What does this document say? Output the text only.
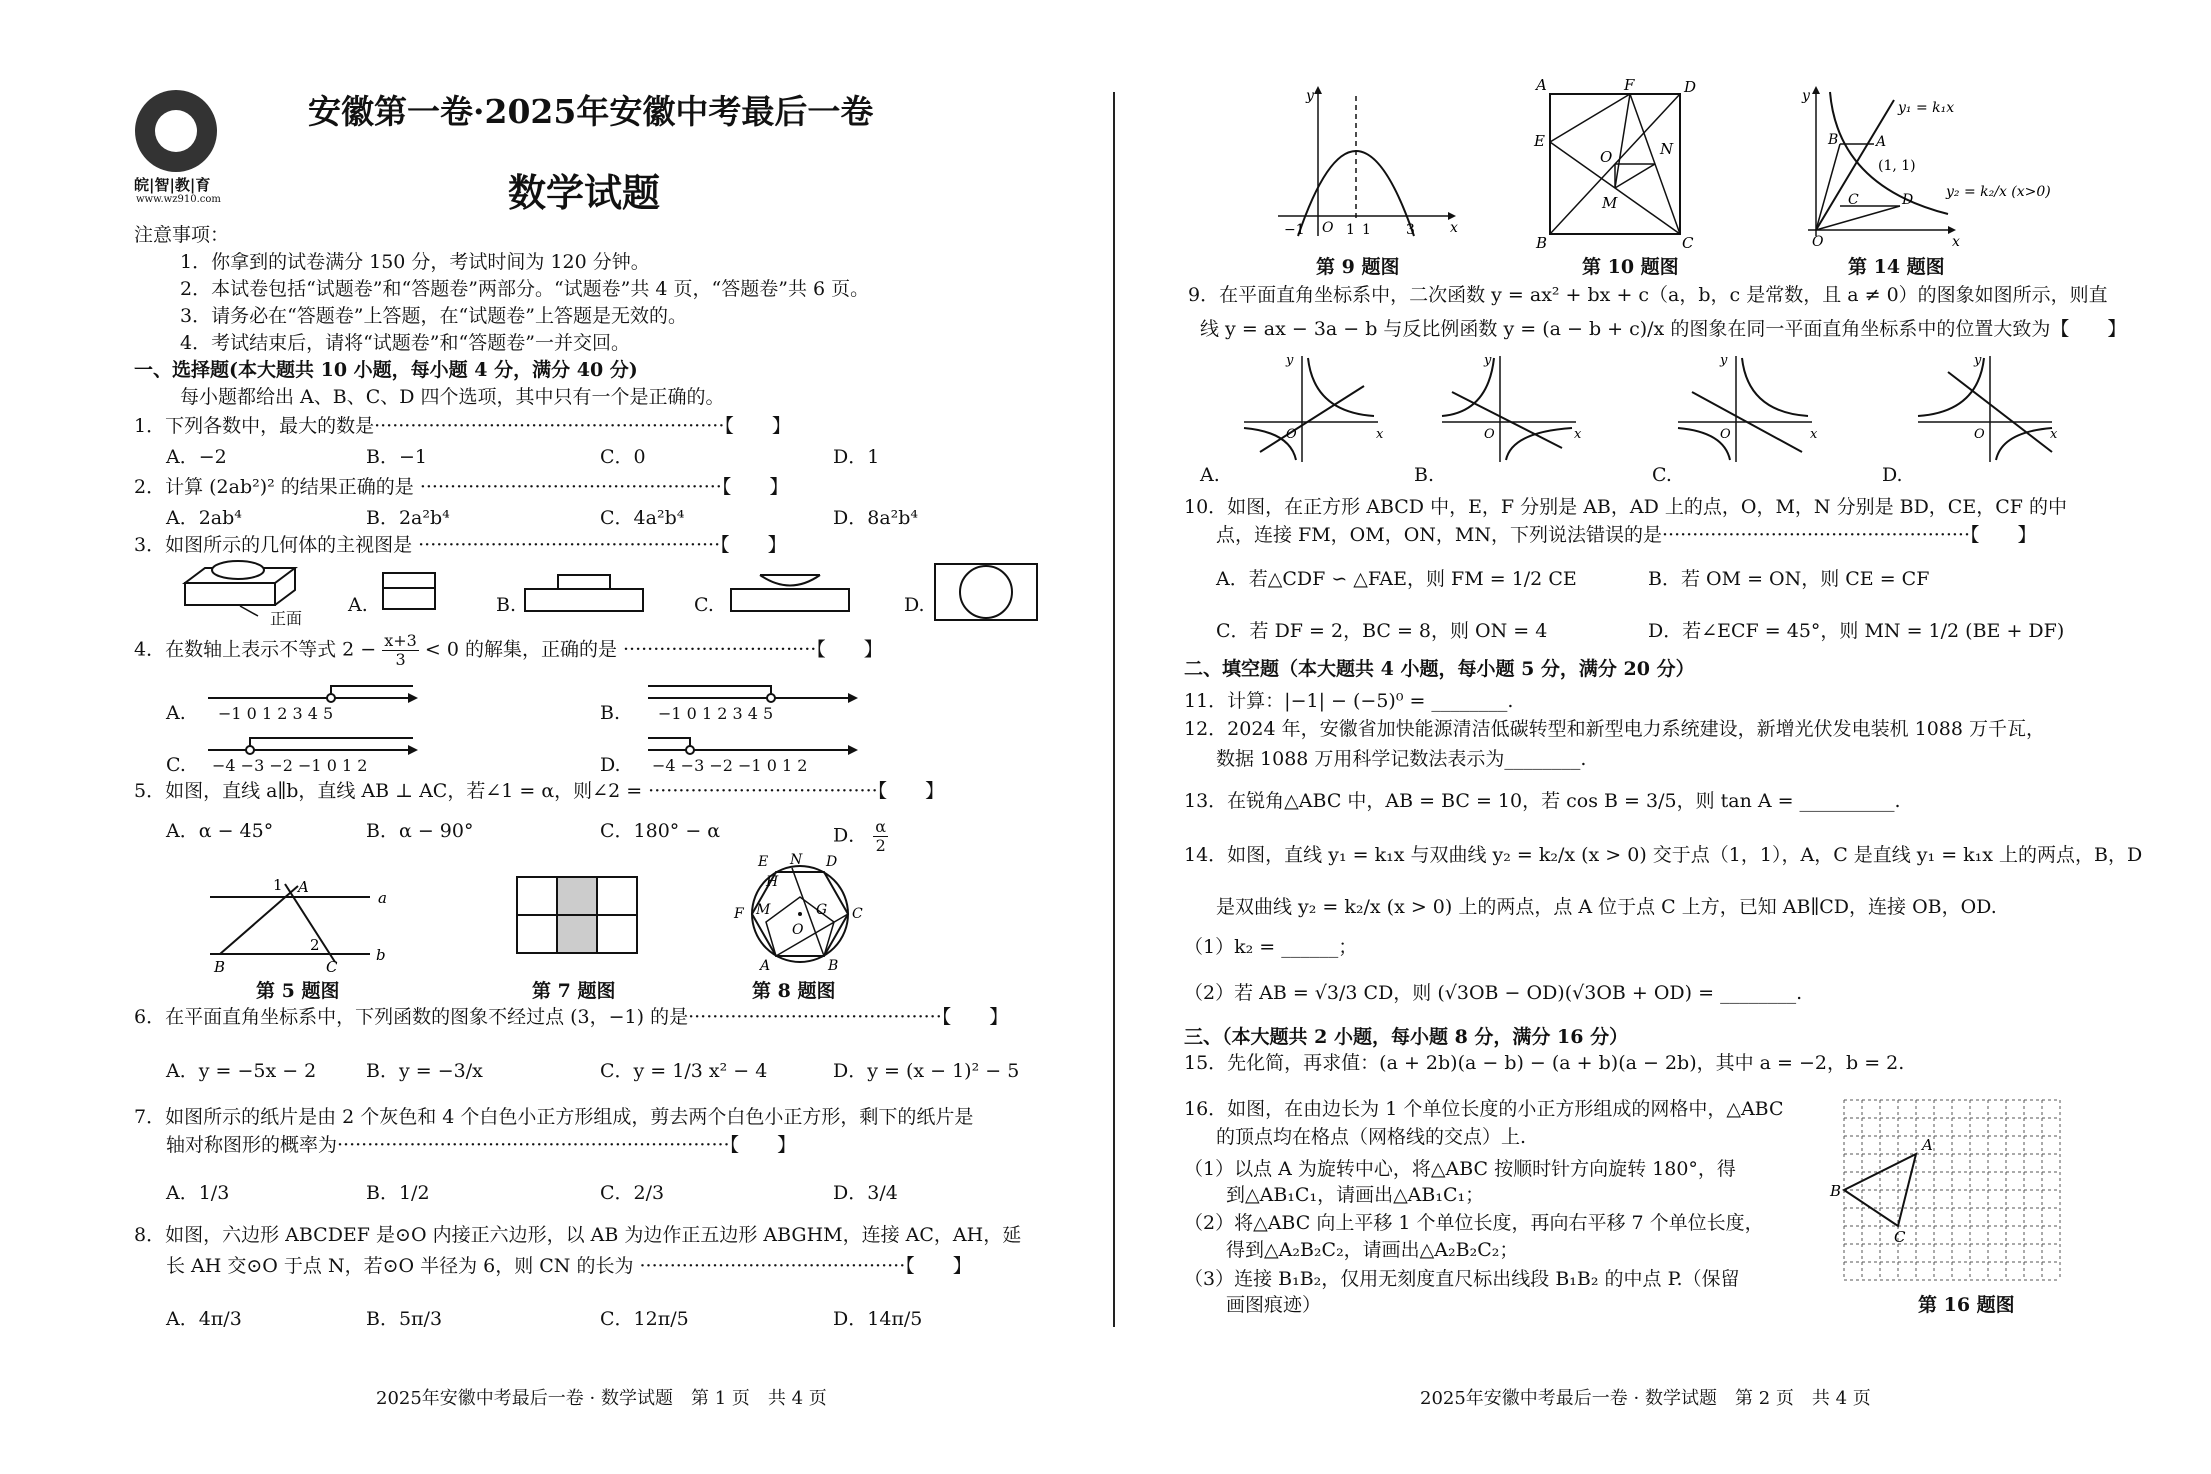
皖|智|教|育
www.wz910.com
安徽第一卷·2025年安徽中考最后一卷
数学试题
注意事项：
1．你拿到的试卷满分 150 分，考试时间为 120 分钟。
2．本试卷包括“试题卷”和“答题卷”两部分。“试题卷”共 4 页，“答题卷”共 6 页。
3．请务必在“答题卷”上答题，在“试题卷”上答题是无效的。
4．考试结束后，请将“试题卷”和“答题卷”一并交回。
一、选择题(本大题共 10 小题，每小题 4 分，满分 40 分)
每小题都给出 A、B、C、D 四个选项，其中只有一个是正确的。
1．下列各数中，最大的数是··························································【　　】
A．−2	B．−1	C．0	D．1
2．计算 (2ab²)² 的结果正确的是 ··················································【　　】
A．2ab⁴	B．2a²b⁴	C．4a²b⁴	D．8a²b⁴
3．如图所示的几何体的主视图是 ··················································【　　】
正面
A.	B.	C.	D.
4．在数轴上表示不等式 $2 - \frac{x+3}{3} < 0$ 的解集，正确的是 ································【　　】
A. −1 0 1 2 3 4 5	B. −1 0 1 2 3 4 5
C. −4 −3 −2 −1 0 1 2	D. −4 −3 −2 −1 0 1 2
5．如图，直线 a∥b，直线 AB ⊥ AC，若∠1 = α，则∠2 = ······································【　　】
A．α − 45°	B．α − 90°	C．180° − α	D． $\frac{\alpha}{2}$
1 A
a
2
b
B	C
第 5 题图	第 7 题图
E N D
H
F M	G C
O
A	B
第 8 题图
6．在平面直角坐标系中，下列函数的图象不经过点 (3，−1) 的是··········································【　　】
A．y = −5x − 2	B．y = −3/x	C．y = 1/3 x² − 4	D．y = (x − 1)² − 5
7．如图所示的纸片是由 2 个灰色和 4 个白色小正方形组成，剪去两个白色小正方形，剩下的纸片是
轴对称图形的概率为·································································【　　】
A．1/3	B．1/2	C．2/3	D．3/4
8．如图，六边形 ABCDEF 是⊙O 内接正六边形，以 AB 为边作正五边形 ABGHM，连接 AC，AH，延
长 AH 交⊙O 于点 N，若⊙O 半径为 6，则 CN 的长为 ············································【　　】
A．4π/3	B．5π/3	C．12π/5	D．14π/5
2025年安徽中考最后一卷 · 数学试题　第 1 页　共 4 页
y
−1 O 1 1	3	x
第 9 题图
A	F	D
E
O	N
M
B	C
第 10 题图
y
y₁ = k₁x
B	A
(1, 1)
y₂ = k₂/x (x>0)
C	D
O	x
第 14 题图
9．在平面直角坐标系中，二次函数 y = ax² + bx + c（a，b，c 是常数，且 a ≠ 0）的图象如图所示，则直
线 y = ax − 3a − b 与反比例函数 y = (a − b + c)/x 的图象在同一平面直角坐标系中的位置大致为【　　】
y
O	x
A.
y
O	x
B.
y
O	x
C.
y
O	x
D.
10．如图，在正方形 ABCD 中，E，F 分别是 AB，AD 上的点，O，M，N 分别是 BD，CE，CF 的中
点，连接 FM，OM，ON，MN，下列说法错误的是···················································【　　】
A．若△CDF ∽ △FAE，则 FM = 1/2 CE	B．若 OM = ON，则 CE = CF
C．若 DF = 2，BC = 8，则 ON = 4	D．若∠ECF = 45°，则 MN = 1/2 (BE + DF)
二、填空题（本大题共 4 小题，每小题 5 分，满分 20 分）
11．计算：|−1| − (−5)⁰ = ________.
12．2024 年，安徽省加快能源清洁低碳转型和新型电力系统建设，新增光伏发电装机 1088 万千瓦，
数据 1088 万用科学记数法表示为________.
13．在锐角△ABC 中，AB = BC = 10，若 cos B = 3/5，则 tan A = __________.
14．如图，直线 y₁ = k₁x 与双曲线 y₂ = k₂/x (x > 0) 交于点（1，1），A，C 是直线 y₁ = k₁x 上的两点，B，D
是双曲线 y₂ = k₂/x (x > 0) 上的两点，点 A 位于点 C 上方，已知 AB∥CD，连接 OB，OD.
（1）k₂ = ______；
（2）若 AB = √3/3 CD，则 (√3OB − OD)(√3OB + OD) = ________.
三、（本大题共 2 小题，每小题 8 分，满分 16 分）
15．先化简，再求值：(a + 2b)(a − b) − (a + b)(a − 2b)，其中 a = −2，b = 2.
16．如图，在由边长为 1 个单位长度的小正方形组成的网格中，△ABC
的顶点均在格点（网格线的交点）上.
（1）以点 A 为旋转中心，将△ABC 按顺时针方向旋转 180°，得
到△AB₁C₁，请画出△AB₁C₁；
（2）将△ABC 向上平移 1 个单位长度，再向右平移 7 个单位长度，
得到△A₂B₂C₂，请画出△A₂B₂C₂；
（3）连接 B₁B₂，仅用无刻度直尺标出线段 B₁B₂ 的中点 P.（保留
画图痕迹）
A
B
C
第 16 题图
2025年安徽中考最后一卷 · 数学试题　第 2 页　共 4 页
